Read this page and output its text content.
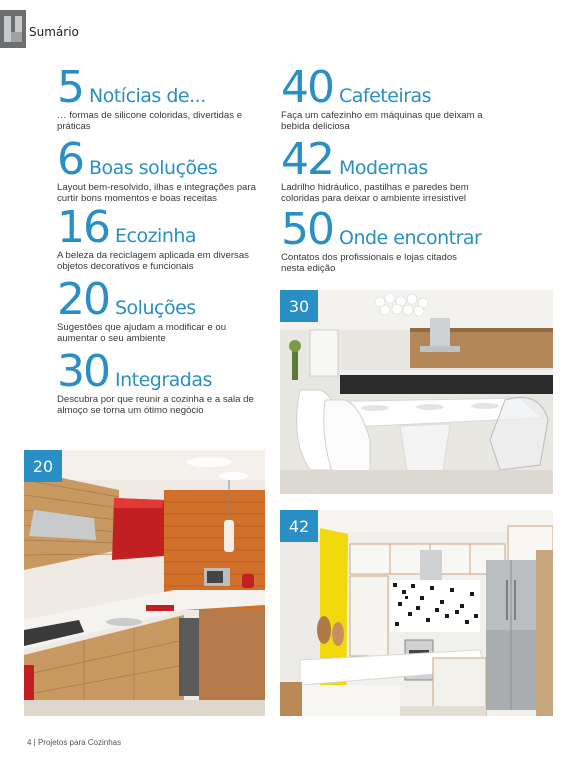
Sumário
5 Notícias de...
… formas de silicone coloridas, divertidas e práticas
6 Boas soluções
Layout bem-resolvido, ilhas e integrações para curtir bons momentos e boas receitas
16 Ecozinha
A beleza da reciclagem aplicada em diversas objetos decorativos e funcionais
20 Soluções
Sugestões que ajudam a modificar e ou aumentar o seu ambiente
30 Integradas
Descubra por que reunir a cozinha e a sala de almoço se torna um ótimo negócio
40 Cafeteiras
Faça um cafezinho em máquinas que deixam a bebida deliciosa
42 Modernas
Ladrilho hidráulico, pastilhas e paredes bem coloridas para deixar o ambiente irresistível
50 Onde encontrar
Contatos dos profissionais e lojas citados nesta edição
30
20
42
4 | Projetos para Cozinhas
